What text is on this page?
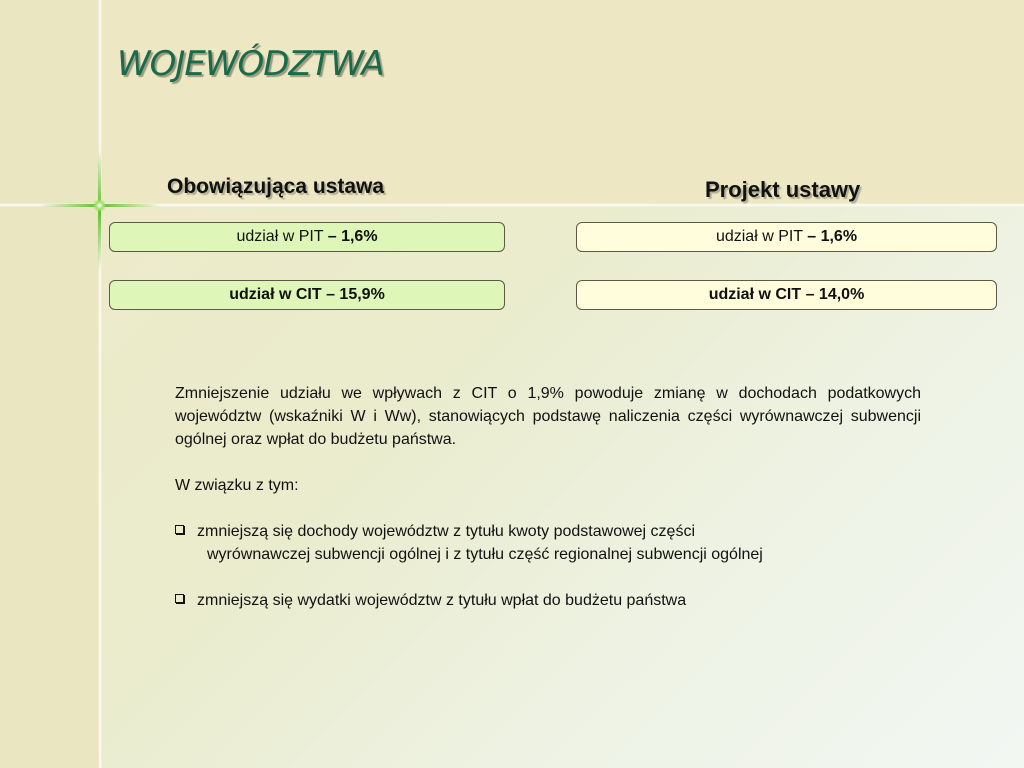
WOJEWÓDZTWA
Obowiązująca ustawa	Projekt ustawy
udział w PIT – 1,6%
udział w CIT – 15,9%
udział w PIT – 1,6%
udział w CIT – 14,0%

Zmniejszenie udziału we wpływach z CIT o 1,9% powoduje zmianę w dochodach podatkowych województw (wskaźniki W i Ww), stanowiących podstawę naliczenia części wyrównawczej subwencji ogólnej oraz wpłat do budżetu państwa.

W związku z tym:

zmniejszą się dochody województw z tytułu kwoty podstawowej części

wyrównawczej subwencji ogólnej i z tytułu część regionalnej subwencji ogólnej

zmniejszą się wydatki województw z tytułu wpłat do budżetu państwa
